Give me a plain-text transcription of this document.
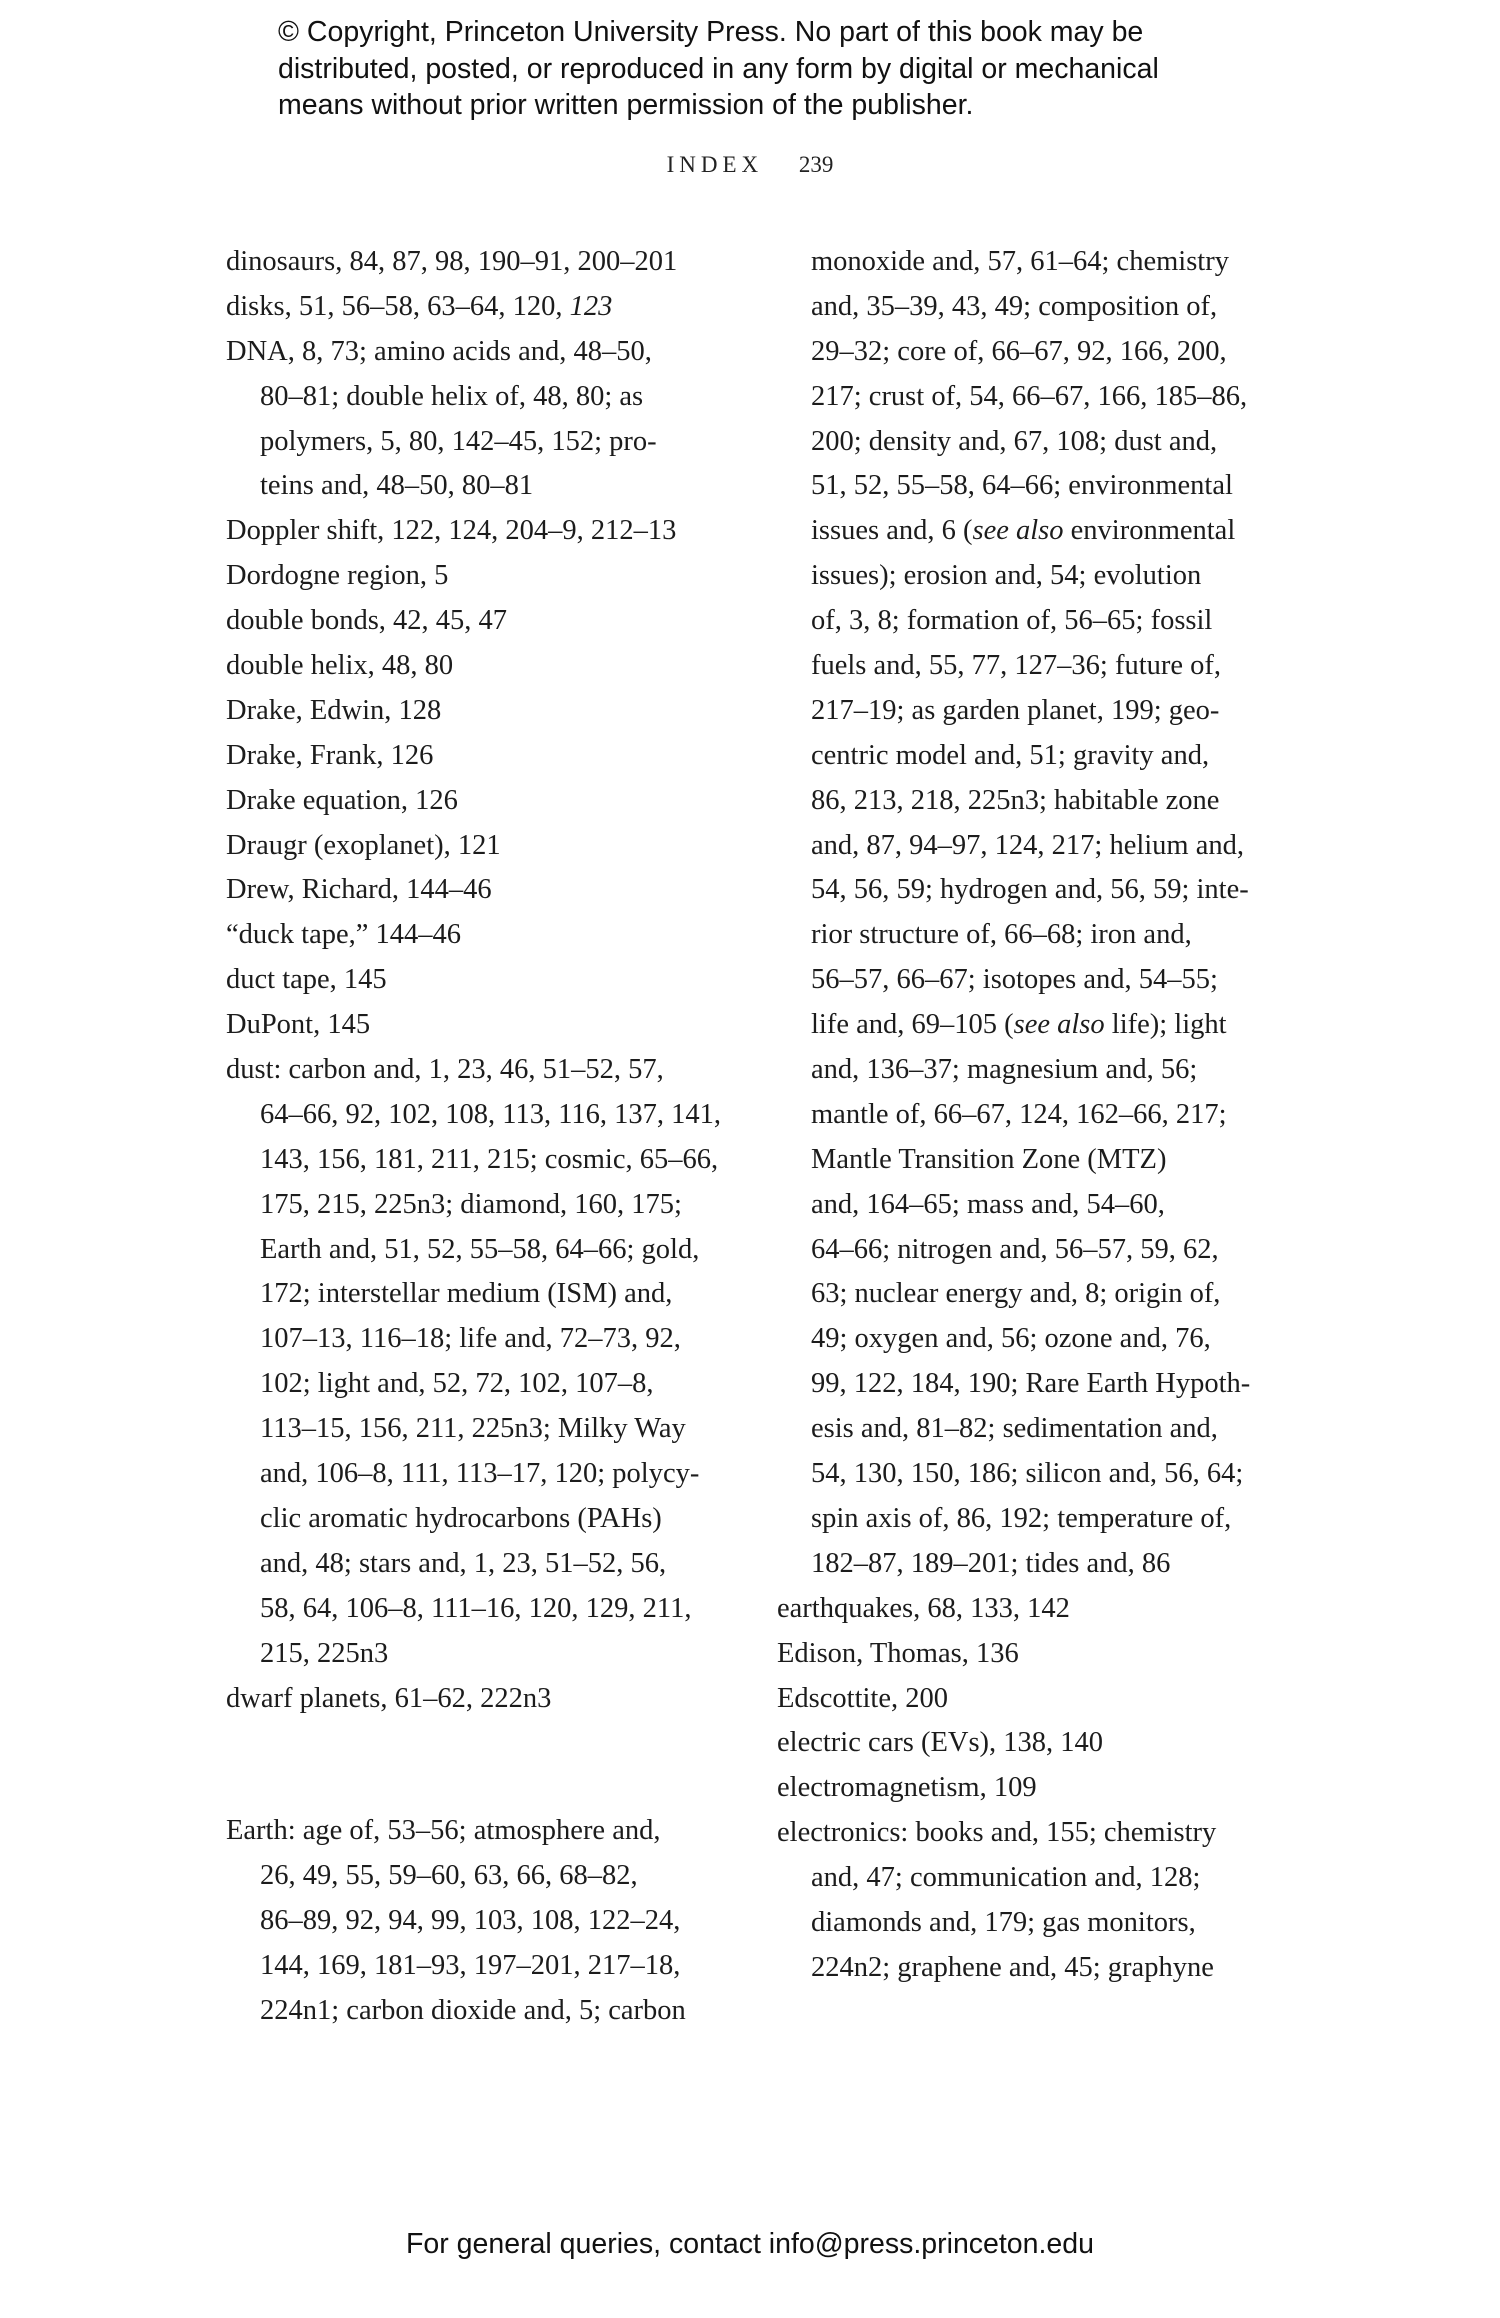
© Copyright, Princeton University Press. No part of this book may be
distributed, posted, or reproduced in any form by digital or mechanical
means without prior written permission of the publisher.
INDEX 239
dinosaurs, 84, 87, 98, 190–91, 200–201
disks, 51, 56–58, 63–64, 120, 123
DNA, 8, 73; amino acids and, 48–50,
80–81; double helix of, 48, 80; as
polymers, 5, 80, 142–45, 152; pro-
teins and, 48–50, 80–81
Doppler shift, 122, 124, 204–9, 212–13
Dordogne region, 5
double bonds, 42, 45, 47
double helix, 48, 80
Drake, Edwin, 128
Drake, Frank, 126
Drake equation, 126
Draugr (exoplanet), 121
Drew, Richard, 144–46
“duck tape,” 144–46
duct tape, 145
DuPont, 145
dust: carbon and, 1, 23, 46, 51–52, 57,
64–66, 92, 102, 108, 113, 116, 137, 141,
143, 156, 181, 211, 215; cosmic, 65–66,
175, 215, 225n3; diamond, 160, 175;
Earth and, 51, 52, 55–58, 64–66; gold,
172; interstellar medium (ISM) and,
107–13, 116–18; life and, 72–73, 92,
102; light and, 52, 72, 102, 107–8,
113–15, 156, 211, 225n3; Milky Way
and, 106–8, 111, 113–17, 120; polycy-
clic aromatic hydrocarbons (PAHs)
and, 48; stars and, 1, 23, 51–52, 56,
58, 64, 106–8, 111–16, 120, 129, 211,
215, 225n3
dwarf planets, 61–62, 222n3
Earth: age of, 53–56; atmosphere and,
26, 49, 55, 59–60, 63, 66, 68–82,
86–89, 92, 94, 99, 103, 108, 122–24,
144, 169, 181–93, 197–201, 217–18,
224n1; carbon dioxide and, 5; carbon
monoxide and, 57, 61–64; chemistry
and, 35–39, 43, 49; composition of,
29–32; core of, 66–67, 92, 166, 200,
217; crust of, 54, 66–67, 166, 185–86,
200; density and, 67, 108; dust and,
51, 52, 55–58, 64–66; environmental
issues and, 6 (see also environmental
issues); erosion and, 54; evolution
of, 3, 8; formation of, 56–65; fossil
fuels and, 55, 77, 127–36; future of,
217–19; as garden planet, 199; geo-
centric model and, 51; gravity and,
86, 213, 218, 225n3; habitable zone
and, 87, 94–97, 124, 217; helium and,
54, 56, 59; hydrogen and, 56, 59; inte-
rior structure of, 66–68; iron and,
56–57, 66–67; isotopes and, 54–55;
life and, 69–105 (see also life); light
and, 136–37; magnesium and, 56;
mantle of, 66–67, 124, 162–66, 217;
Mantle Transition Zone (MTZ)
and, 164–65; mass and, 54–60,
64–66; nitrogen and, 56–57, 59, 62,
63; nuclear energy and, 8; origin of,
49; oxygen and, 56; ozone and, 76,
99, 122, 184, 190; Rare Earth Hypoth-
esis and, 81–82; sedimentation and,
54, 130, 150, 186; silicon and, 56, 64;
spin axis of, 86, 192; temperature of,
182–87, 189–201; tides and, 86
earthquakes, 68, 133, 142
Edison, Thomas, 136
Edscottite, 200
electric cars (EVs), 138, 140
electromagnetism, 109
electronics: books and, 155; chemistry
and, 47; communication and, 128;
diamonds and, 179; gas monitors,
224n2; graphene and, 45; graphyne
For general queries, contact info@press.princeton.edu
